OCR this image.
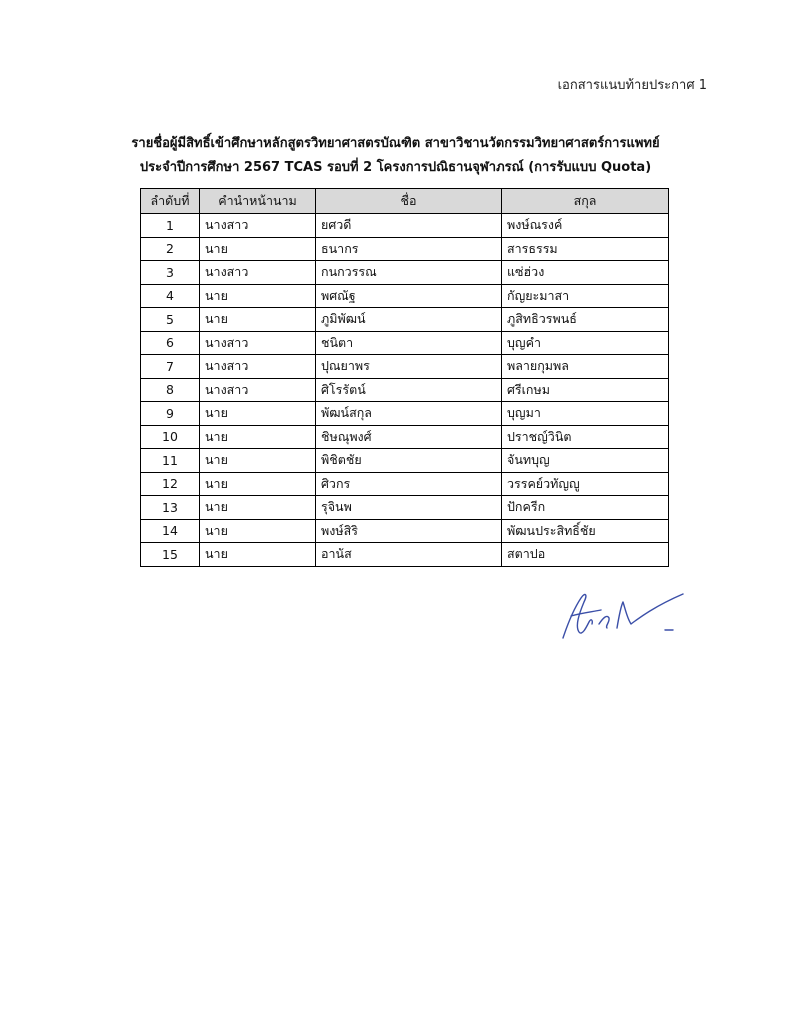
เอกสารแนบท้ายประกาศ 1
รายชื่อผู้มีสิทธิ์เข้าศึกษาหลักสูตรวิทยาศาสตรบัณฑิต สาขาวิชานวัตกรรมวิทยาศาสตร์การแพทย์
ประจำปีการศึกษา 2567 TCAS รอบที่ 2 โครงการปณิธานจุฬาภรณ์ (การรับแบบ Quota)
ลำดับที่	คำนำหน้านาม	ชื่อ	สกุล
1	นางสาว	ยศวดี	พงษ์ณรงค์
2	นาย	ธนากร	สารธรรม
3	นางสาว	กนกวรรณ	แซ่ฮ่วง
4	นาย	พศณัฐ	กัญยะมาสา
5	นาย	ภูมิพัฒน์	ภูสิทธิวรพนธ์
6	นางสาว	ชนิตา	บุญคำ
7	นางสาว	ปุณยาพร	พลายกุมพล
8	นางสาว	ศิโรรัตน์	ศรีเกษม
9	นาย	พัฒน์สกุล	บุญมา
10	นาย	ชิษณุพงศ์	ปราชญ์วินิต
11	นาย	พิชิตชัย	จันทบุญ
12	นาย	ศิวกร	วรรคย์วทัญญู
13	นาย	รุจินพ	ปักครีก
14	นาย	พงษ์สิริ	พัฒนประสิทธิ์ชัย
15	นาย	อานัส	สตาปอ
